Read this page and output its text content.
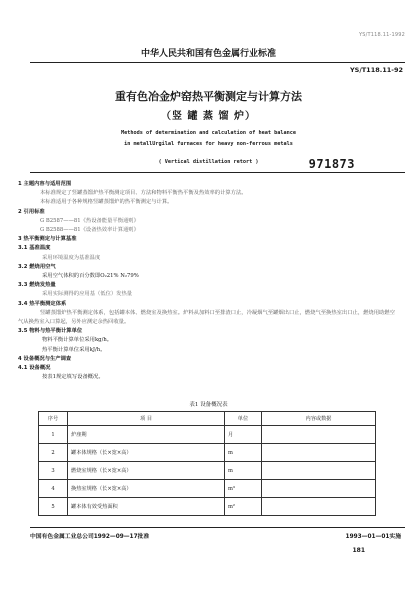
YS/T118.11-1992
中华人民共和国有色金属行业标准
YS/T118.11-92
重有色冶金炉窑热平衡测定与计算方法
（竖 罐 蒸 馏 炉）
Methods of determination and calculation of heat balance
in metallUrgilal furnaces for heavy non-ferrous metals
( Vertical distillation retort )	971873
1 主题内容与适用范围
本标准规定了竖罐蒸馏炉热平衡测定项目、方法和物料平衡热平衡及热效率的计算方法。
本标准适用于各种规格竖罐蒸馏炉的热平衡测定与计算。
2 引用标准
G B2587——81《热设备能量平衡通则》
G B2588——81《设备热效率计算通则》
3 热平衡测定与计算基准
3.1 基准温度
采用环境温度为基准温度
3.2 燃烧用空气
采用空气体积的百分数即O₂21% N₂79%
3.3 燃烧发热量
采用实际测得的应用基（低位）发热量
3.4 热平衡测定体系
竖罐蒸馏炉热平衡测定体系，包括罐本体、燃烧室及换热室。炉料从加料口至排渣口止，冷凝烟气至罐烟出口止，燃烧气至换热室出口止，燃烧用助燃空气从换热室入口算起，另外应测定余热回收量。
3.5 物料与热平衡计算单位
物料平衡计算单位采用kg/h。
热平衡计算单位采用kJ/h。
4 设备概况与生产调查
4.1 设备概况
按表1规定填写设备概况。
表1 设备概况表
序号	项 目	单位	内容或数据
1	炉座期	月	
2	罐本体规格（长×宽×高）	m	
3	燃烧室规格（长×宽×高）	m	
4	换热室规格（长×宽×高）	m³	
5	罐本体有效受热面积	m²	
中国有色金属工业总公司1992—09—17批准	1993—01—01实施
181
